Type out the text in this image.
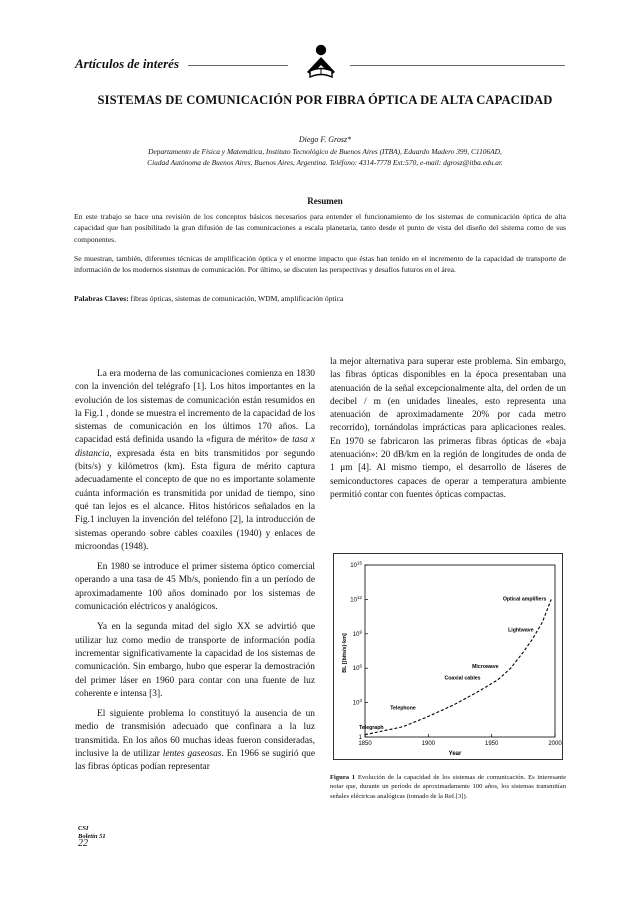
Artículos de interés
SISTEMAS DE COMUNICACIÓN POR FIBRA ÓPTICA DE ALTA CAPACIDAD
Diego F. Grosz*
Departamento de Física y Matemática, Instituto Tecnológico de Buenos Aires (ITBA), Eduardo Madero 399, C1106AD,
Ciudad Autónoma de Buenos Aires, Buenos Aires, Argentina. Teléfono: 4314-7778 Ext:570, e-mail: dgrosz@itba.edu.ar.
Resumen
En este trabajo se hace una revisión de los conceptos básicos necesarios para entender el funcionamiento de los sistemas de comunicación óptica de alta capacidad que han posibilitado la gran difusión de las comunicaciones a escala planetaria, tanto desde el punto de vista del diseño del sistema como de sus componentes.
Se muestran, también, diferentes técnicas de amplificación óptica y el enorme impacto que éstas han tenido en el incremento de la capacidad de transporte de información de los modernos sistemas de comunicación. Por último, se discuten las perspectivas y desafíos futuros en el área.
Palabras Claves: fibras ópticas, sistemas de comunicación, WDM, amplificación óptica

La era moderna de las comunicaciones comienza en 1830 con la invención del telégrafo [1]. Los hitos importantes en la evolución de los sistemas de comunicación están resumidos en la Fig.1 , donde se muestra el incremento de la capacidad de los sistemas de comunicación en los últimos 170 años. La capacidad está definida usando la «figura de mérito» de tasa x distancia, expresada ésta en bits transmitidos por segundo (bits/s) y kilómetros (km). Esta figura de mérito captura adecuadamente el concepto de que no es importante solamente cuánta información es transmitida por unidad de tiempo, sino qué tan lejos es el alcance. Hitos históricos señalados en la Fig.1 incluyen la invención del teléfono [2], la introducción de sistemas operando sobre cables coaxiles (1940) y enlaces de microondas (1948).

En 1980 se introduce el primer sistema óptico comercial operando a una tasa de 45 Mb/s, poniendo fin a un período de aproximadamente 100 años dominado por los sistemas de comunicación eléctricos y analógicos.

Ya en la segunda mitad del siglo XX se advirtió que utilizar luz como medio de transporte de información podía incrementar significativamente la capacidad de los sistemas de comunicación. Sin embargo, hubo que esperar la demostración del primer láser en 1960 para contar con una fuente de luz coherente e intensa [3].

El siguiente problema lo constituyó la ausencia de un medio de transmisión adecuado que confinara a la luz transmitida. En los años 60 muchas ideas fueron consideradas, inclusive la de utilizar lentes gaseosas. En 1966 se sugirió que las fibras ópticas podían representar

la mejor alternativa para superar este problema. Sin embargo, las fibras ópticas disponibles en la época presentaban una atenuación de la señal excepcionalmente alta, del orden de un decibel / m (en unidades lineales, esto representa una atenuación de aproximadamente 20% por cada metro recorrido), tornándolas imprácticas para aplicaciones reales. En 1970 se fabricaron las primeras fibras ópticas de «baja atenuación»: 20 dB/km en la región de longitudes de onda de 1 μm [4]. Al mismo tiempo, el desarrollo de láseres de semiconductores capaces de operar a temperatura ambiente permitió contar con fuentes ópticas compactas.

$10^{15}$
$10^{12}$
$10^9$
$10^6$
$10^3$
1
1850	1900	1950	2000
Optical amplifiers
Lightwave
Microwave
Coaxial cables
Telephone
Telegraph
Year
BL [(bits/s)·km]
Figura 1 Evolución de la capacidad de los sistemas de comunicación. Es interesante notar que, durante un período de aproximadamente 100 años, los sistemas transmitían señales eléctricas analógicas (tomado de la Ref.[3]).
CSI
Boletín 51
22
